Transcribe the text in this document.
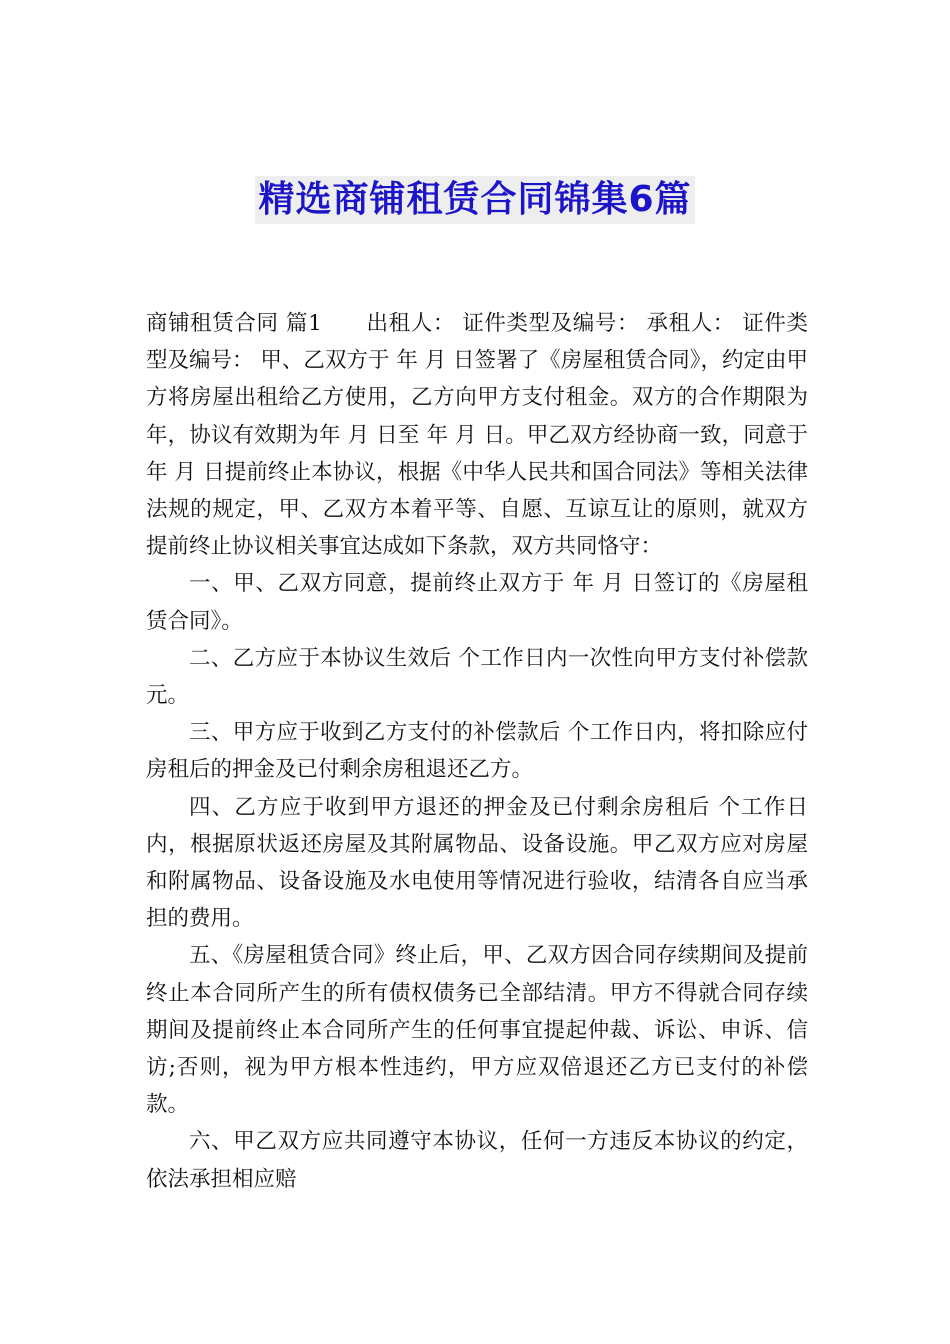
精选商铺租赁合同锦集6篇

商铺租赁合同 篇1　　出租人： 证件类型及编号： 承租人： 证件类型及编号： 甲、乙双方于 年 月 日签署了《房屋租赁合同》，约定由甲方将房屋出租给乙方使用，乙方向甲方支付租金。双方的合作期限为年，协议有效期为年 月 日至 年 月 日。甲乙双方经协商一致，同意于 年 月 日提前终止本协议，根据《中华人民共和国合同法》等相关法律法规的规定，甲、乙双方本着平等、自愿、互谅互让的原则，就双方提前终止协议相关事宜达成如下条款，双方共同恪守：

一、甲、乙双方同意，提前终止双方于 年 月 日签订的《房屋租赁合同》。

二、乙方应于本协议生效后 个工作日内一次性向甲方支付补偿款 元。

三、甲方应于收到乙方支付的补偿款后 个工作日内，将扣除应付房租后的押金及已付剩余房租退还乙方。

四、乙方应于收到甲方退还的押金及已付剩余房租后 个工作日内，根据原状返还房屋及其附属物品、设备设施。甲乙双方应对房屋和附属物品、设备设施及水电使用等情况进行验收，结清各自应当承担的费用。

五、《房屋租赁合同》终止后，甲、乙双方因合同存续期间及提前终止本合同所产生的所有债权债务已全部结清。甲方不得就合同存续期间及提前终止本合同所产生的任何事宜提起仲裁、诉讼、申诉、信访;否则，视为甲方根本性违约，甲方应双倍退还乙方已支付的补偿款。

六、甲乙双方应共同遵守本协议，任何一方违反本协议的约定，依法承担相应赔
